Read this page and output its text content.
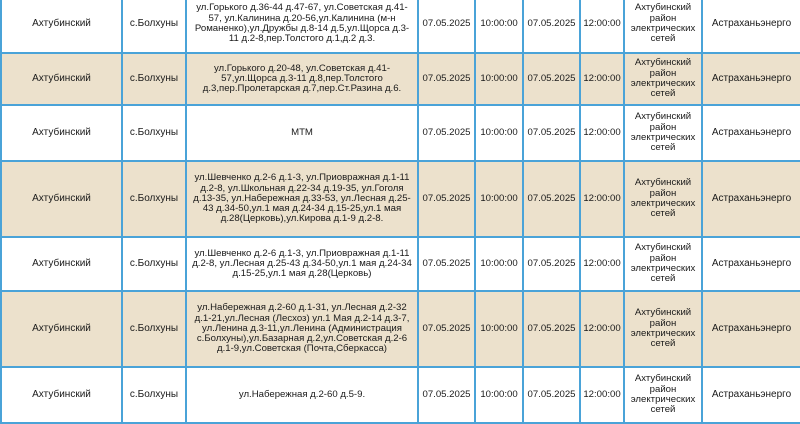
Ахтубинский	с.Болхуны	ул.Горького д.36-44 д.47-67, ул.Советская д.41-57, ул.Калинина д.20-56,ул.Калинина (м-н Романенко),ул.Дружбы д.8-14 д.5,ул.Щорса д.3-11 д.2-8,пер.Толстого д.1,д.2 д.3.	07.05.2025	10:00:00	07.05.2025	12:00:00	Ахтубинский район электрических сетей	Астраханьэнерго
Ахтубинский	с.Болхуны	ул.Горького д.20-48, ул.Советская д.41-57,ул.Щорса д.3-11 д.8,пер.Толстого д.3,пер.Пролетарская д.7,пер.Ст.Разина д.6.	07.05.2025	10:00:00	07.05.2025	12:00:00	Ахтубинский район электрических сетей	Астраханьэнерго
Ахтубинский	с.Болхуны	МТМ	07.05.2025	10:00:00	07.05.2025	12:00:00	Ахтубинский район электрических сетей	Астраханьэнерго
Ахтубинский	с.Болхуны	ул.Шевченко д.2-6 д.1-3, ул.Приовражная д.1-11 д.2-8, ул.Школьная д.22-34 д.19-35, ул.Гоголя д.13-35, ул.Набережная д.33-53, ул.Лесная д.25-43 д.34-50,ул.1 мая д.24-34 д.15-25,ул.1 мая д.28(Церковь),ул.Кирова д.1-9 д.2-8.	07.05.2025	10:00:00	07.05.2025	12:00:00	Ахтубинский район электрических сетей	Астраханьэнерго
Ахтубинский	с.Болхуны	ул.Шевченко д.2-6 д.1-3, ул.Приовражная д.1-11 д.2-8, ул.Лесная д.25-43 д.34-50,ул.1 мая д.24-34 д.15-25,ул.1 мая д.28(Церковь)	07.05.2025	10:00:00	07.05.2025	12:00:00	Ахтубинский район электрических сетей	Астраханьэнерго
Ахтубинский	с.Болхуны	ул.Набережная д.2-60 д.1-31, ул.Лесная д.2-32 д.1-21,ул.Лесная (Лесхоз) ул.1 Мая д.2-14 д.3-7, ул.Ленина д.3-11,ул.Ленина (Администрация с.Болхуны),ул.Базарная д.2,ул.Советская д.2-6 д.1-9,ул.Советская (Почта,Сберкасса)	07.05.2025	10:00:00	07.05.2025	12:00:00	Ахтубинский район электрических сетей	Астраханьэнерго
Ахтубинский	с.Болхуны	ул.Набережная д.2-60 д.5-9.	07.05.2025	10:00:00	07.05.2025	12:00:00	Ахтубинский район электрических сетей	Астраханьэнерго
